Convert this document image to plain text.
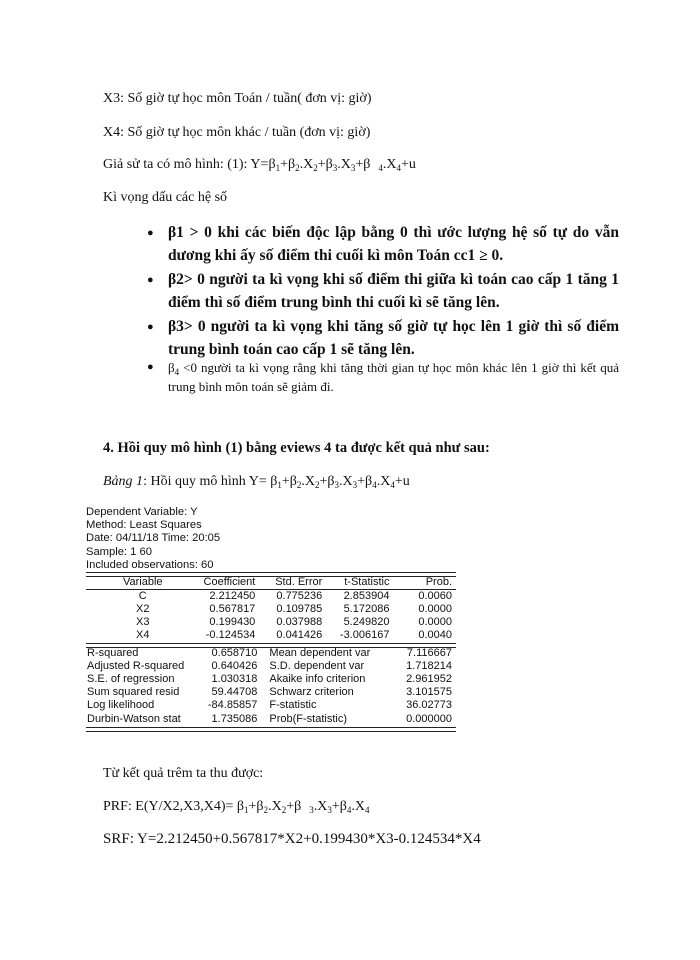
X3: Số giờ tự học môn Toán / tuần( đơn vị: giờ)
X4: Số giờ tự học môn khác / tuần (đơn vị: giờ)
Giả sử ta có mô hình: (1): $Y=\beta_1+\beta_2.X_2+\beta_3.X_3+\beta$   $_4.X_4+u$
Kì vọng dấu các hệ số
● β1 > 0 khi các biến độc lập bằng 0 thì ước lượng hệ số tự do vẫn dương khi ấy số điểm thi cuối kì môn Toán cc1 ≥ 0.
● β2> 0 người ta kì vọng khi số điểm thi giữa kì toán cao cấp 1 tăng 1 điểm thì số điểm trung bình thi cuối kì sẽ tăng lên.
● β3> 0 người ta kì vọng khi tăng số giờ tự học lên 1 giờ thì số điểm trung bình toán cao cấp 1 sẽ tăng lên.
● $\beta_4 <0$ người ta kì vọng rằng khi tăng thời gian tự học môn khác lên 1 giờ thì kết quả trung bình môn toán sẽ giảm đi.
4. Hồi quy mô hình (1) bằng eviews 4 ta được kết quả như sau:
Bảng 1: Hồi quy mô hình $Y= \beta_1+\beta_2.X_2+\beta_3.X_3+\beta_4.X_4+u$
Dependent Variable: Y
Method: Least Squares
Date: 04/11/18 Time: 20:05
Sample: 1 60
Included observations: 60
Variable	Coefficient	Std. Error	t-Statistic	Prob.
C	2.212450	0.775236	2.853904	0.0060
X2	0.567817	0.109785	5.172086	0.0000
X3	0.199430	0.037988	5.249820	0.0000
X4	-0.124534	0.041426	-3.006167	0.0040
R-squared	0.658710	Mean dependent var	7.116667
Adjusted R-squared	0.640426	S.D. dependent var	1.718214
S.E. of regression	1.030318	Akaike info criterion	2.961952
Sum squared resid	59.44708	Schwarz criterion	3.101575
Log likelihood	-84.85857	F-statistic	36.02773
Durbin-Watson stat	1.735086	Prob(F-statistic)	0.000000
Từ kết quả trêm ta thu được:
PRF: $E(Y/X2,X3,X4)= \beta_1+\beta_2.X_2+\beta$   $_3.X_3+\beta_4.X_4$
SRF: Y=2.212450+0.567817*X2+0.199430*X3-0.124534*X4
